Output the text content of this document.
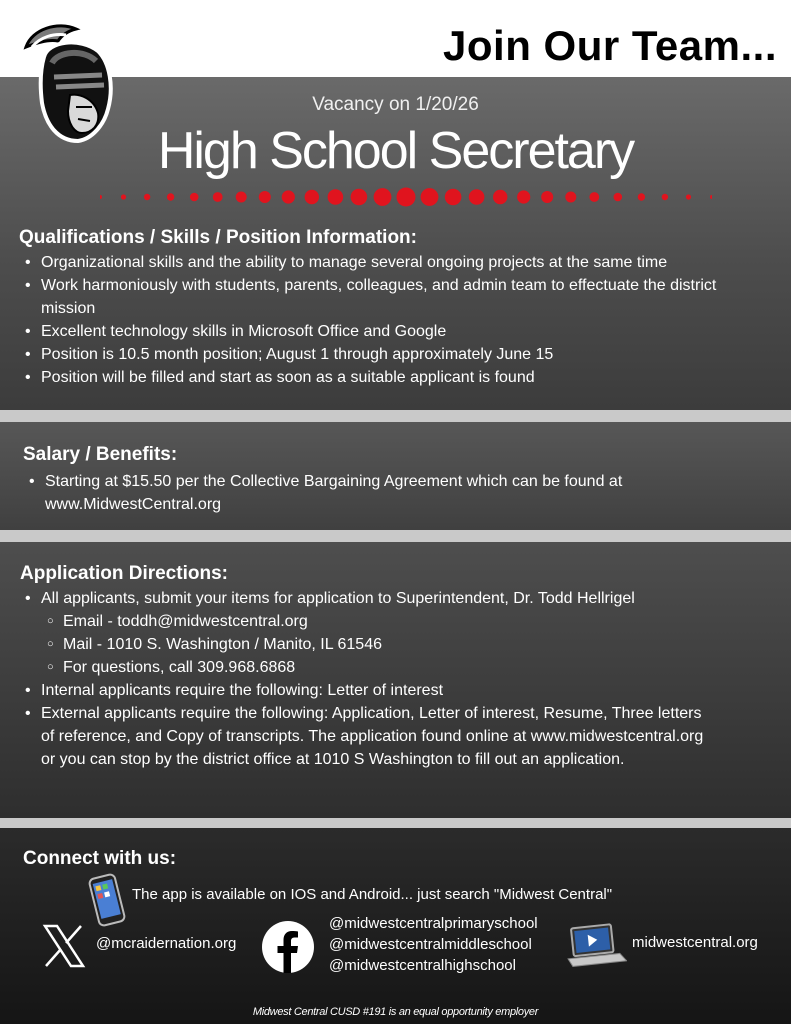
Join Our Team...
Vacancy on 1/20/26
High School Secretary
Qualifications / Skills / Position Information:
• Organizational skills and the ability to manage several ongoing projects at the same time
• Work harmoniously with students, parents, colleagues, and admin team to effectuate the district mission
• Excellent technology skills in Microsoft Office and Google
• Position is 10.5 month position; August 1 through approximately June 15
• Position will be filled and start as soon as a suitable applicant is found
Salary / Benefits:
• Starting at $15.50 per the Collective Bargaining Agreement which can be found at www.MidwestCentral.org
Application Directions:
• All applicants, submit your items for application to Superintendent, Dr. Todd Hellrigel
○ Email - toddh@midwestcentral.org
○ Mail - 1010 S. Washington / Manito, IL 61546
○ For questions, call 309.968.6868
• Internal applicants require the following: Letter of interest
• External applicants require the following: Application, Letter of interest, Resume, Three letters of reference, and Copy of transcripts. The application found online at www.midwestcentral.org or you can stop by the district office at 1010 S Washington to fill out an application.
Connect with us:
The app is available on IOS and Android... just search "Midwest Central"
@mcraidernation.org
@midwestcentralprimaryschool
@midwestcentralmiddleschool
@midwestcentralhighschool
midwestcentral.org
Midwest Central CUSD #191 is an equal opportunity employer
